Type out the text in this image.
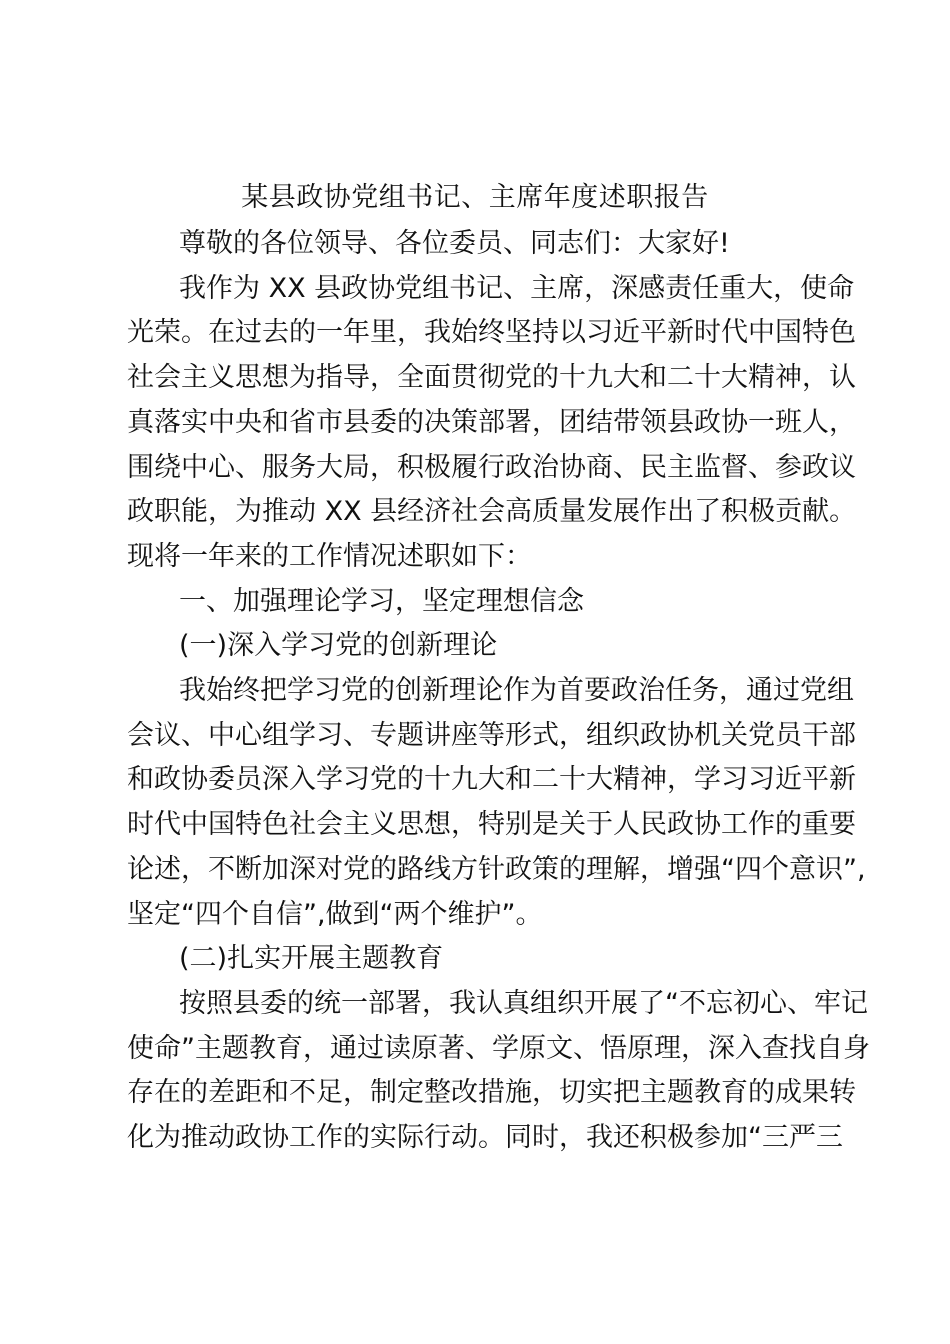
某县政协党组书记、主席年度述职报告
尊敬的各位领导、各位委员、同志们：大家好!
我作为 XX 县政协党组书记、主席，深感责任重大，使命
光荣。在过去的一年里，我始终坚持以习近平新时代中国特色
社会主义思想为指导，全面贯彻党的十九大和二十大精神，认
真落实中央和省市县委的决策部署，团结带领县政协一班人，
围绕中心、服务大局，积极履行政治协商、民主监督、参政议
政职能，为推动 XX 县经济社会高质量发展作出了积极贡献。
现将一年来的工作情况述职如下：
一、加强理论学习，坚定理想信念
(一)深入学习党的创新理论
我始终把学习党的创新理论作为首要政治任务，通过党组
会议、中心组学习、专题讲座等形式，组织政协机关党员干部
和政协委员深入学习党的十九大和二十大精神，学习习近平新
时代中国特色社会主义思想，特别是关于人民政协工作的重要
论述，不断加深对党的路线方针政策的理解，增强“四个意识”,
坚定“四个自信”,做到“两个维护”。
(二)扎实开展主题教育
按照县委的统一部署，我认真组织开展了“不忘初心、牢记
使命”主题教育，通过读原著、学原文、悟原理，深入查找自身
存在的差距和不足，制定整改措施，切实把主题教育的成果转
化为推动政协工作的实际行动。同时，我还积极参加“三严三
